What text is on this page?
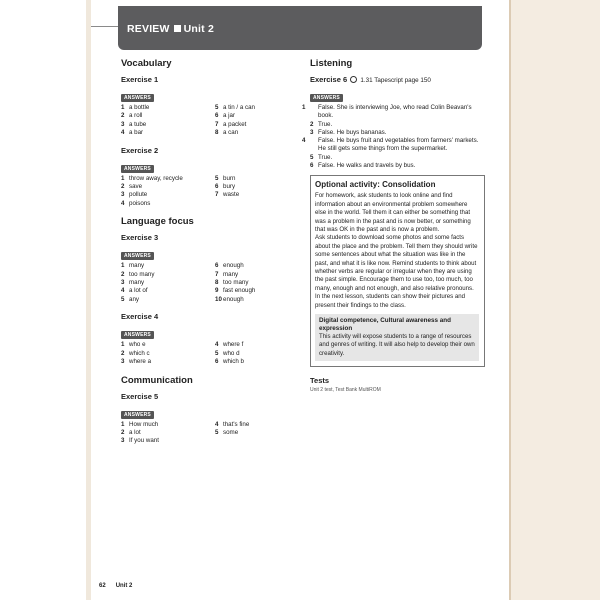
REVIEW Unit 2
Vocabulary
Exercise 1
ANSWERS
1 a bottle	5 a tin / a can
2 a roll	6 a jar
3 a tube	7 a packet
4 a bar	8 a can
Exercise 2
ANSWERS
1 throw away, recycle	5 burn
2 save	6 bury
3 pollute	7 waste
4 poisons
Language focus
Exercise 3
ANSWERS
1 many	6 enough
2 too many	7 many
3 many	8 too many
4 a lot of	9 fast enough
5 any	10enough
Exercise 4
ANSWERS
1 who e	4 where f
2 which c	5 who d
3 where a	6 which b
Communication
Exercise 5
ANSWERS
1 How much	4 that's fine
2 a lot	5 some
3 If you want
Listening
Exercise 6 1.31 Tapescript page 150
ANSWERS
1 False. She is interviewing Joe, who read Colin Beavan's book.
2 True.
3 False. He buys bananas.
4 False. He buys fruit and vegetables from farmers' markets. He still gets some things from the supermarket.
5 True.
6 False. He walks and travels by bus.
Optional activity: Consolidation

For homework, ask students to look online and find information about an environmental problem somewhere else in the world. Tell them it can either be something that was a problem in the past and is now better, or something that was OK in the past and is now a problem.

Ask students to download some photos and some facts about the place and the problem. Tell them they should write some sentences about what the situation was like in the past, and what it is like now. Remind students to think about whether verbs are regular or irregular when they are using the past simple. Encourage them to use too, too much, too many, enough and not enough, and also relative pronouns.

In the next lesson, students can show their pictures and present their findings to the class.

Digital competence, Cultural awareness and expression

This activity will expose students to a range of resources and genres of writing. It will also help to develop their own creativity.

Tests
Unit 2 test, Test Bank MultiROM
62 Unit 2
